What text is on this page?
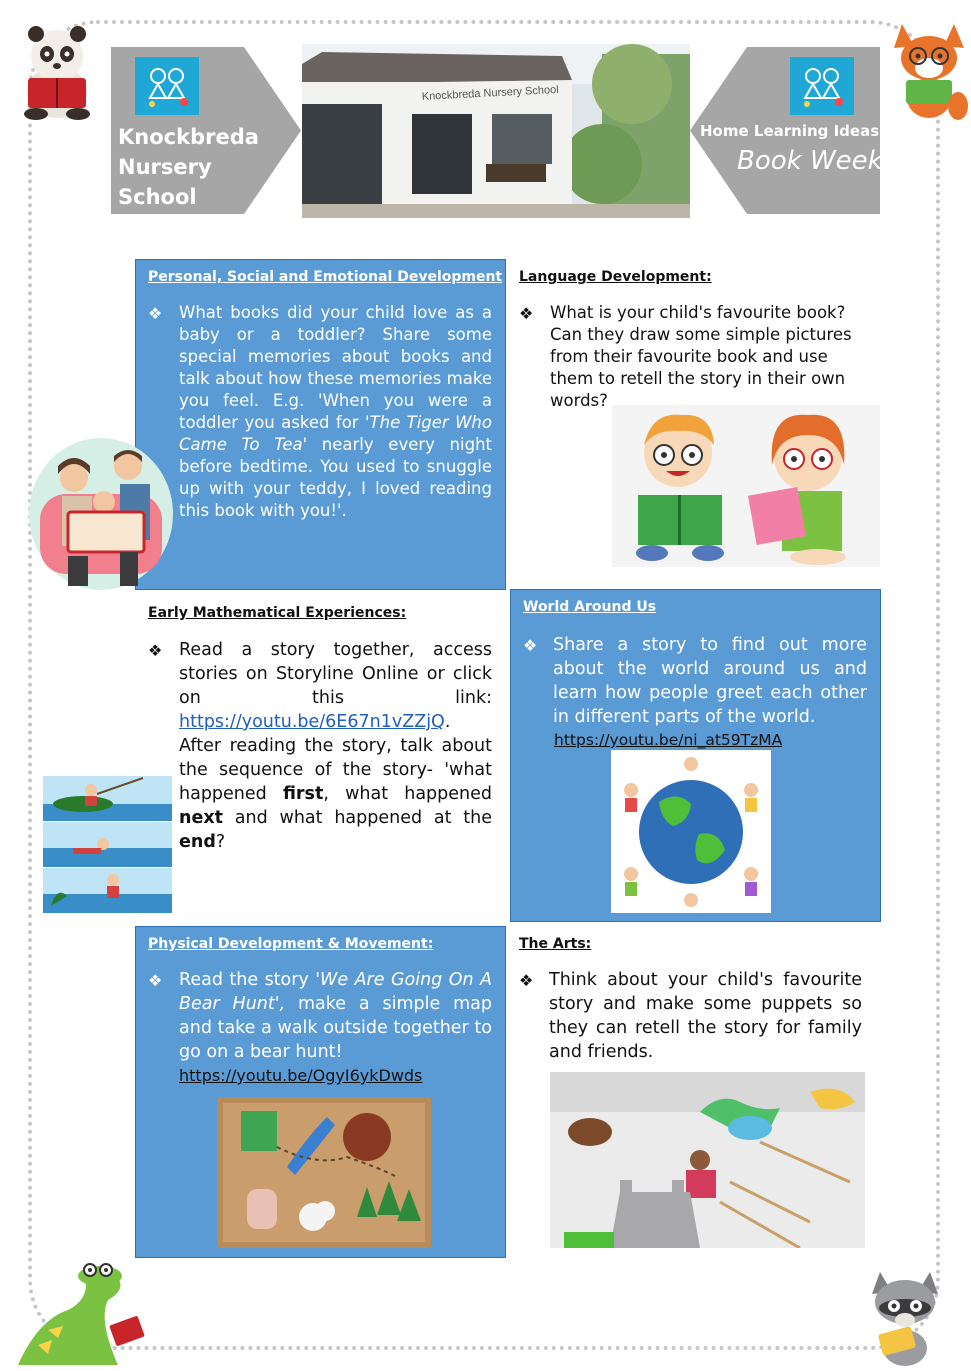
Knockbreda
Nursery
School
Knockbreda Nursery School
Home Learning Ideas
Book Week
Personal, Social and Emotional Development
❖ What books did your child love as a baby or a toddler? Share some special memories about books and talk about how these memories make you feel. E.g. 'When you were a toddler you asked for 'The Tiger Who Came To Tea' nearly every night before bedtime. You used to snuggle up with your teddy, I loved reading this book with you!'.
Language Development:
❖ What is your child's favourite book? Can they draw some simple pictures from their favourite book and use them to retell the story in their own words?
Early Mathematical Experiences:
❖ Read a story together, access stories on Storyline Online or click on this link: https://youtu.be/6E67n1vZZjQ. After reading the story, talk about the sequence of the story- 'what happened first, what happened next and what happened at the end?
World Around Us
❖ Share a story to find out more about the world around us and learn how people greet each other in different parts of the world.
https://youtu.be/ni_at59TzMA
Physical Development & Movement:
❖ Read the story 'We Are Going On A Bear Hunt', make a simple map and take a walk outside together to go on a bear hunt!
https://youtu.be/OgyI6ykDwds
The Arts:
❖ Think about your child's favourite story and make some puppets so they can retell the story for family and friends.
